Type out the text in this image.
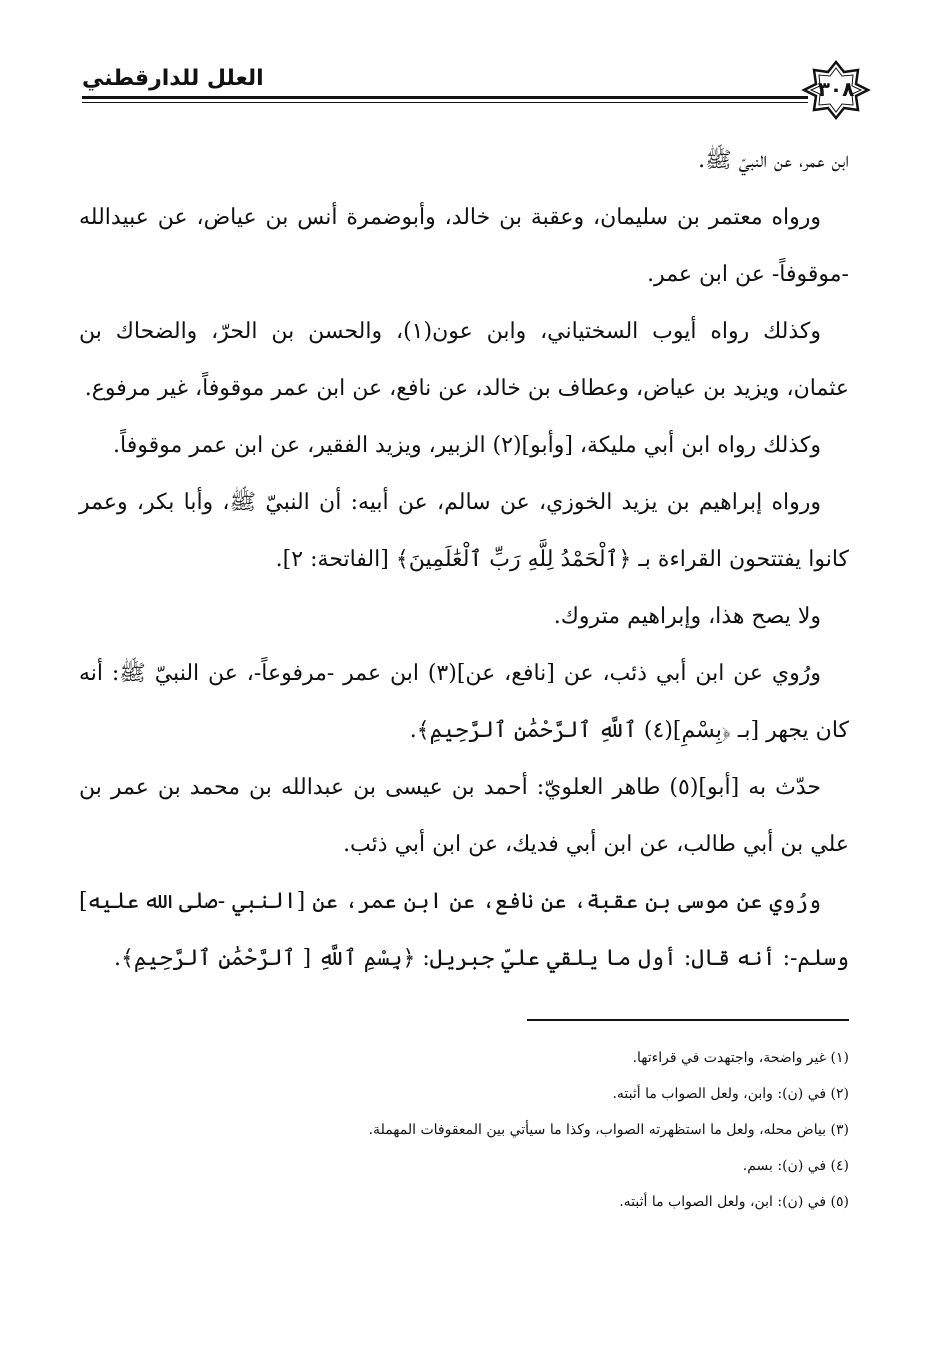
٣٠٨
العلل للدارقطني

ابن عمر، عن النبيّ ﷺ.

ورواه معتمر بن سليمان، وعقبة بن خالد، وأبوضمرة أنس بن عياض، عن عبيدالله -موقوفاً- عن ابن عمر.

وكذلك رواه أيوب السختياني، وابن عون(١)، والحسن بن الحرّ، والضحاك بن عثمان، ويزيد بن عياض، وعطاف بن خالد، عن نافع، عن ابن عمر موقوفاً، غير مرفوع.

وكذلك رواه ابن أبي مليكة، [وأبو](٢) الزبير، ويزيد الفقير، عن ابن عمر موقوفاً.

ورواه إبراهيم بن يزيد الخوزي، عن سالم، عن أبيه: أن النبيّ ﷺ، وأبا بكر، وعمر كانوا يفتتحون القراءة بـ ﴿ٱلْحَمْدُ لِلَّهِ رَبِّ ٱلْعَٰلَمِينَ﴾ [الفاتحة: ٢].

ولا يصح هذا، وإبراهيم متروك.

ورُوي عن ابن أبي ذئب، عن [نافع، عن](٣) ابن عمر -مرفوعاً-، عن النبيّ ﷺ: أنه كان يجهر [بـ ﴿بِسْمِ](٤) ٱللَّهِ ٱلرَّحْمَٰنِ ٱلرَّحِيمِ﴾.

حدّث به [أبو](٥) طاهر العلويّ: أحمد بن عيسى بن عبدالله بن محمد بن عمر بن علي بن أبي طالب، عن ابن أبي فديك، عن ابن أبي ذئب.

ورُوي عن موسى بن عقبة، عن نافع، عن ابن عمر، عن [النبي -صلى الله عليه] وسلم-: أنه قال: أول ما يلقي عليّ جبريل: ﴿بِسْمِ ٱللَّهِ [ ٱلرَّحْمَٰنِ ٱلرَّحِيمِ﴾.

(١) غير واضحة، واجتهدت في قراءتها.

(٢) في (ن): وابن، ولعل الصواب ما أثبته.

(٣) بياض محله، ولعل ما استظهرته الصواب، وكذا ما سيأتي بين المعقوفات المهملة.

(٤) في (ن): بسم.

(٥) في (ن): ابن، ولعل الصواب ما أثبته.
